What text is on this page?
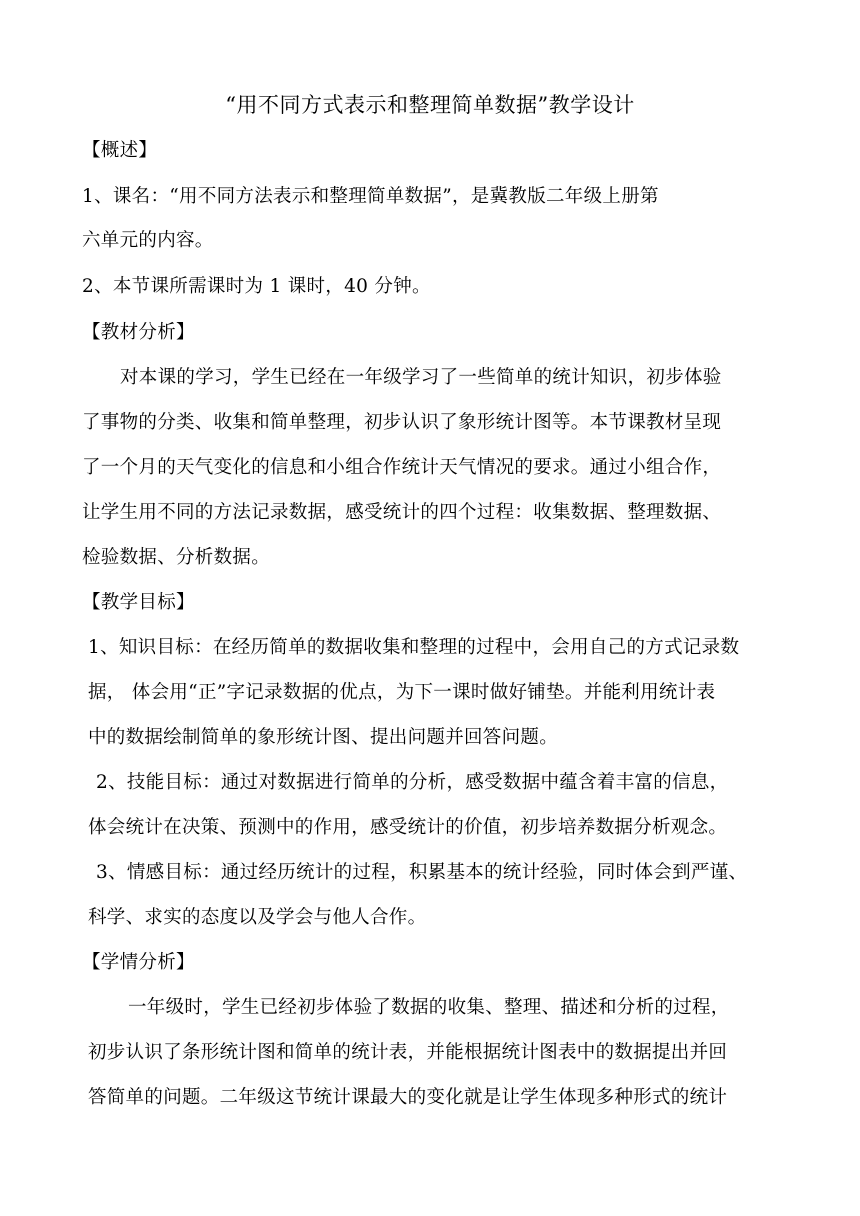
“用不同方式表示和整理简单数据”教学设计
【概述】
1、课名：“用不同方法表示和整理简单数据”，是冀教版二年级上册第
六单元的内容。
2、本节课所需课时为 1 课时，40 分钟。
【教材分析】
对本课的学习，学生已经在一年级学习了一些简单的统计知识，初步体验
了事物的分类、收集和简单整理，初步认识了象形统计图等。本节课教材呈现
了一个月的天气变化的信息和小组合作统计天气情况的要求。通过小组合作，
让学生用不同的方法记录数据，感受统计的四个过程：收集数据、整理数据、
检验数据、分析数据。
【教学目标】
1、知识目标：在经历简单的数据收集和整理的过程中，会用自己的方式记录数
据， 体会用“正”字记录数据的优点，为下一课时做好铺垫。并能利用统计表
中的数据绘制简单的象形统计图、提出问题并回答问题。
2、技能目标：通过对数据进行简单的分析，感受数据中蕴含着丰富的信息，
体会统计在决策、预测中的作用，感受统计的价值，初步培养数据分析观念。
3、情感目标：通过经历统计的过程，积累基本的统计经验，同时体会到严谨、
科学、求实的态度以及学会与他人合作。
【学情分析】
一年级时，学生已经初步体验了数据的收集、整理、描述和分析的过程，
初步认识了条形统计图和简单的统计表，并能根据统计图表中的数据提出并回
答简单的问题。二年级这节统计课最大的变化就是让学生体现多种形式的统计
